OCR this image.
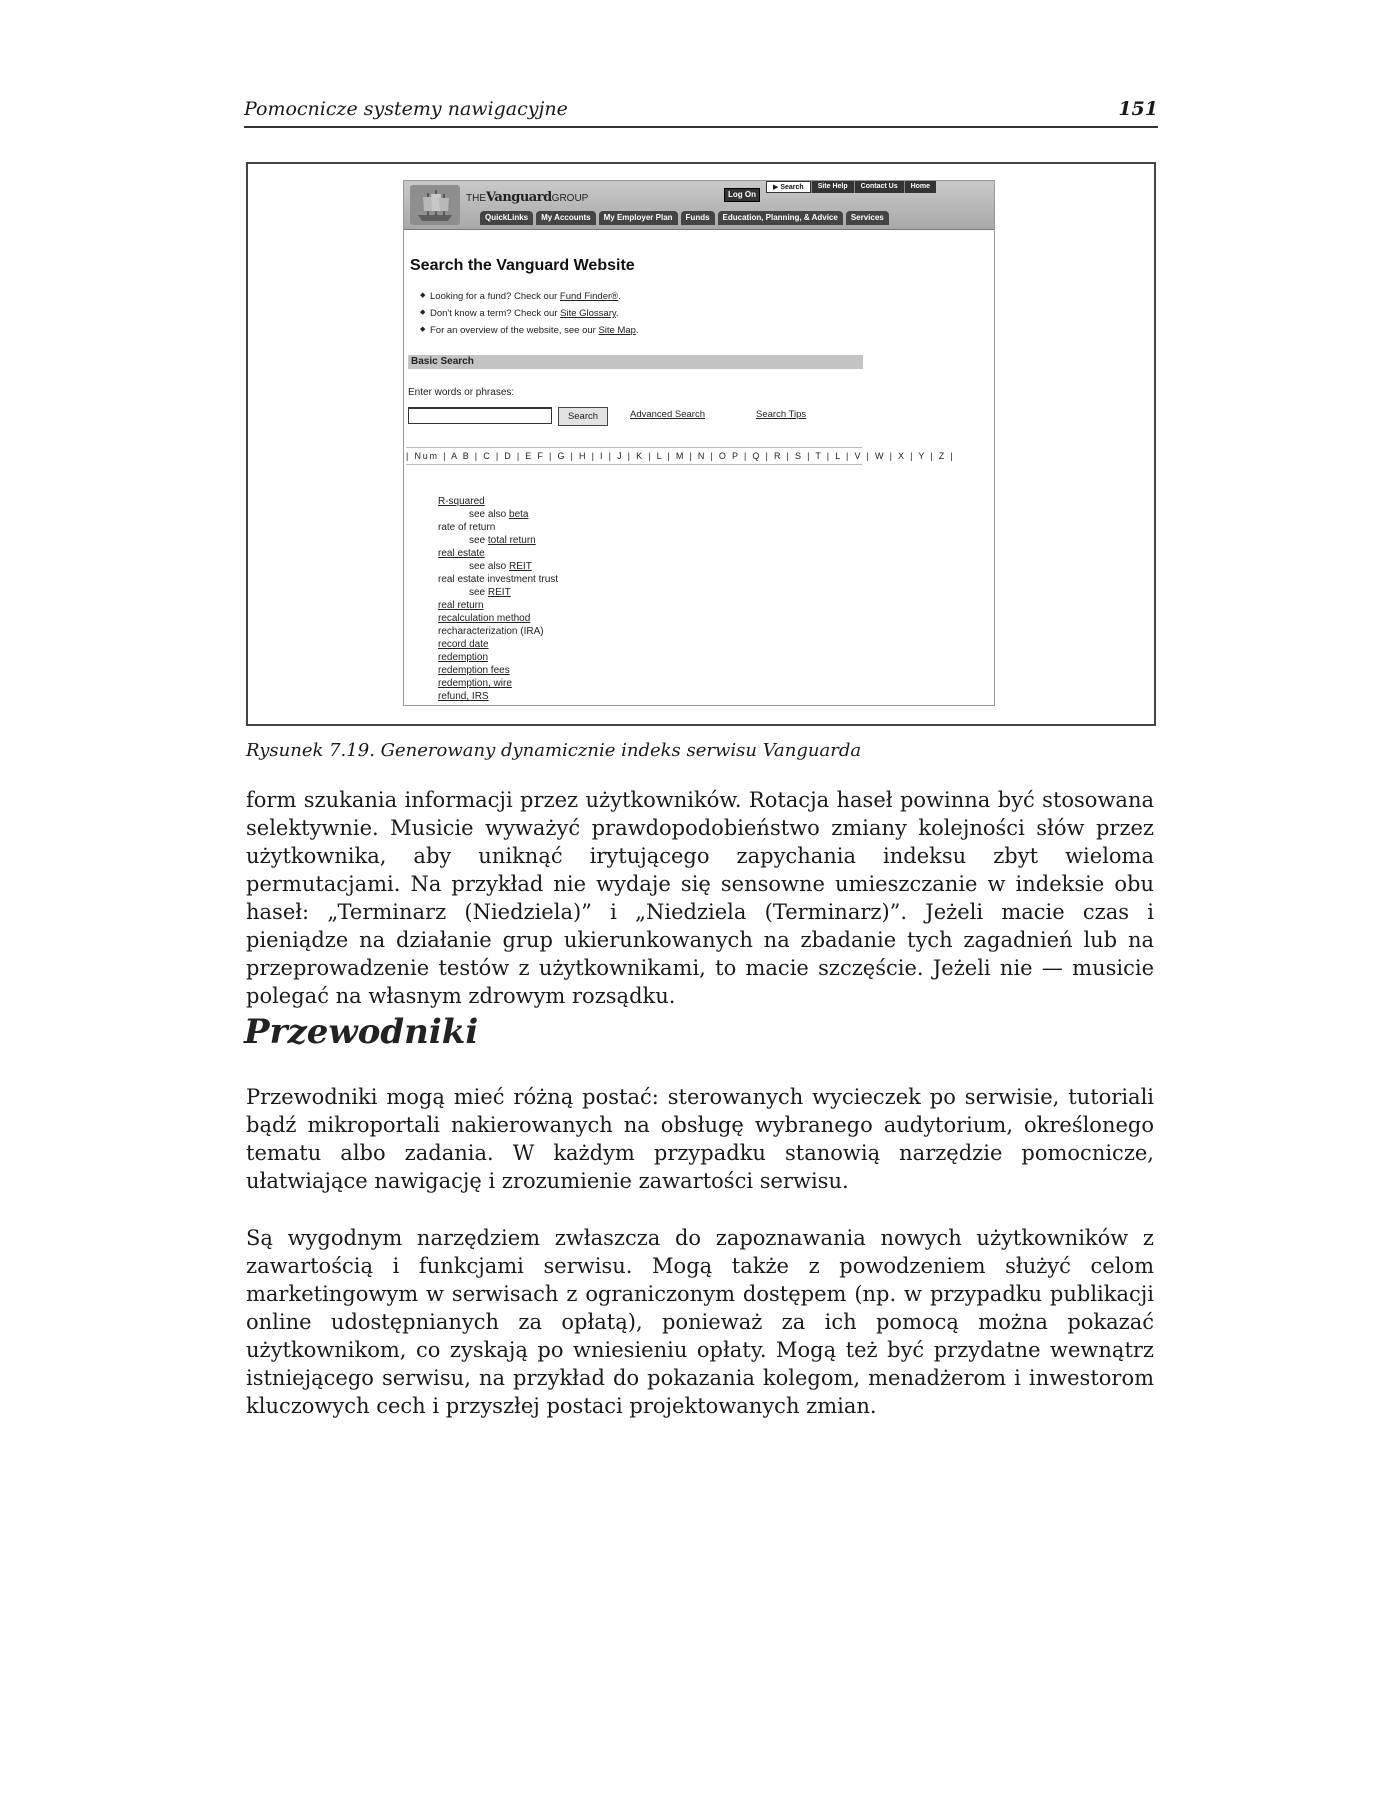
Pomocnicze systemy nawigacyjne	151
THEVanguardGROUP	Log On
▶ Search	Site Help	Contact Us	Home
QuickLinks	My Accounts	My Employer Plan	Funds	Education, Planning, & Advice	Services
Search the Vanguard Website
◆ Looking for a fund? Check our Fund Finder®.
◆ Don't know a term? Check our Site Glossary.
◆ For an overview of the website, see our Site Map.
Basic Search
Enter words or phrases:
Search	Advanced Search	Search Tips
| Num | A B | C | D | E F | G | H | I | J | K | L | M | N | O P | Q | R | S | T | L | V | W | X | Y | Z |
R-squared
see also beta
rate of return
see total return
real estate
see also REIT
real estate investment trust
see REIT
real return
recalculation method
recharacterization (IRA)
record date
redemption
redemption fees
redemption, wire
refund, IRS
Rysunek 7.19. Generowany dynamicznie indeks serwisu Vanguarda

form szukania informacji przez użytkowników. Rotacja haseł powinna być stosowana selektywnie. Musicie wyważyć prawdopodobieństwo zmiany kolejności słów przez użytkownika, aby uniknąć irytującego zapychania indeksu zbyt wieloma permutacjami. Na przykład nie wydaje się sensowne umieszczanie w indeksie obu haseł: „Terminarz (Niedziela)” i „Niedziela (Terminarz)”. Jeżeli macie czas i pieniądze na działanie grup ukierunkowanych na zbadanie tych zagadnień lub na przeprowadzenie testów z użytkownikami, to macie szczęście. Jeżeli nie — musicie polegać na własnym zdrowym rozsądku.

Przewodniki

Przewodniki mogą mieć różną postać: sterowanych wycieczek po serwisie, tutoriali bądź mikroportali nakierowanych na obsługę wybranego audytorium, określonego tematu albo zadania. W każdym przypadku stanowią narzędzie pomocnicze, ułatwiające nawigację i zrozumienie zawartości serwisu.

Są wygodnym narzędziem zwłaszcza do zapoznawania nowych użytkowników z zawartością i funkcjami serwisu. Mogą także z powodzeniem służyć celom marketingowym w serwisach z ograniczonym dostępem (np. w przypadku publikacji online udostępnianych za opłatą), ponieważ za ich pomocą można pokazać użytkownikom, co zyskają po wniesieniu opłaty. Mogą też być przydatne wewnątrz istniejącego serwisu, na przykład do pokazania kolegom, menadżerom i inwestorom kluczowych cech i przyszłej postaci projektowanych zmian.
